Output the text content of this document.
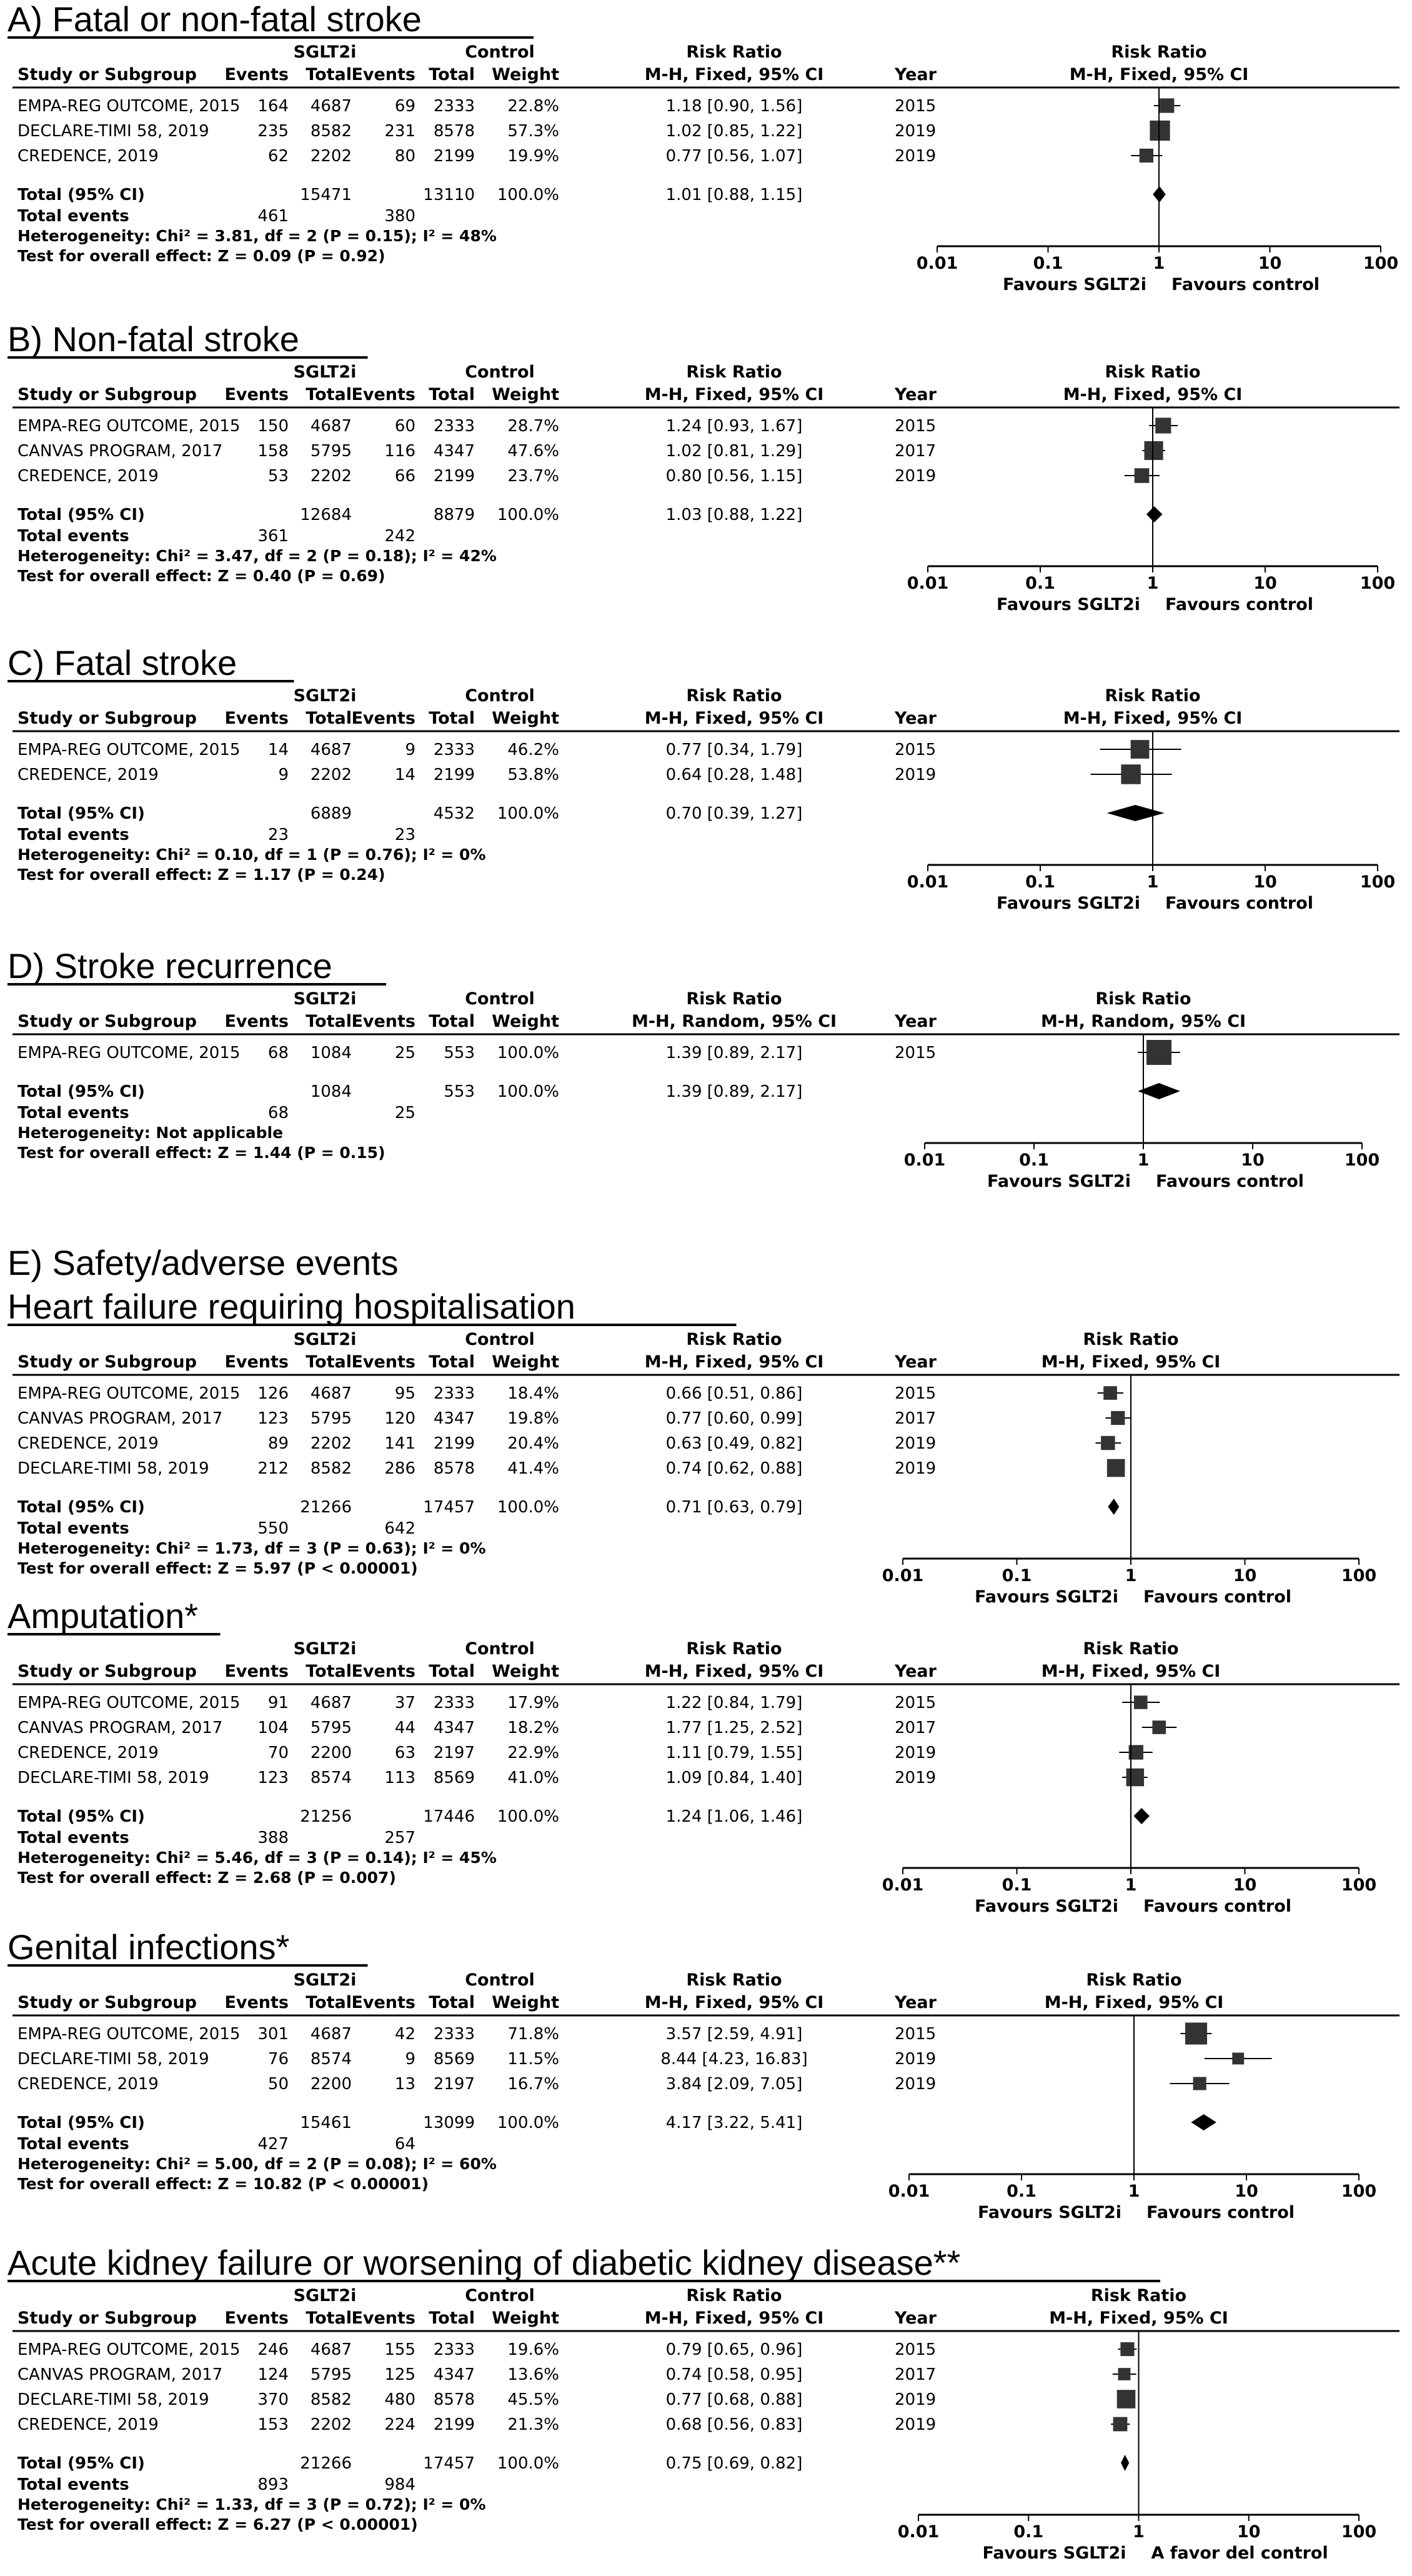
A) Fatal or non-fatal stroke
SGLT2i	Control	Risk Ratio	Risk Ratio
Study or Subgroup Events Total Events Total Weight	M-H, Fixed, 95% CI	Year	M-H, Fixed, 95% CI
EMPA-REG OUTCOME, 2015 164 4687	69 2333 22.8%	1.18 [0.90, 1.56]	2015
DECLARE-TIMI 58, 2019	235 8582 231 8578 57.3%	1.02 [0.85, 1.22]	2019
CREDENCE, 2019	62 2202	80 2199 19.9%	0.77 [0.56, 1.07]	2019
Total (95% CI)	15471	13110 100.0%	1.01 [0.88, 1.15]
Total events	461	380
Heterogeneity: Chi² = 3.81, df = 2 (P = 0.15); I² = 48%
Test for overall effect: Z = 0.09 (P = 0.92)	0.01	0.1	1	10	100
Favours SGLT2i Favours control
B) Non-fatal stroke
SGLT2i	Control	Risk Ratio	Risk Ratio
Study or Subgroup Events Total Events Total Weight	M-H, Fixed, 95% CI	Year	M-H, Fixed, 95% CI
EMPA-REG OUTCOME, 2015 150 4687	60 2333 28.7%	1.24 [0.93, 1.67]	2015
CANVAS PROGRAM, 2017 158 5795 116 4347 47.6%	1.02 [0.81, 1.29]	2017
CREDENCE, 2019	53 2202	66 2199 23.7%	0.80 [0.56, 1.15]	2019
Total (95% CI)	12684	8879 100.0%	1.03 [0.88, 1.22]
Total events	361	242
Heterogeneity: Chi² = 3.47, df = 2 (P = 0.18); I² = 42%
Test for overall effect: Z = 0.40 (P = 0.69)	0.01	0.1	1	10	100
Favours SGLT2i Favours control
C) Fatal stroke
SGLT2i	Control	Risk Ratio	Risk Ratio
Study or Subgroup Events Total Events Total Weight	M-H, Fixed, 95% CI	Year	M-H, Fixed, 95% CI
EMPA-REG OUTCOME, 2015 14 4687	9 2333 46.2%	0.77 [0.34, 1.79]	2015
CREDENCE, 2019	9 2202	14 2199 53.8%	0.64 [0.28, 1.48]	2019
Total (95% CI)	6889	4532 100.0%	0.70 [0.39, 1.27]
Total events	23	23
Heterogeneity: Chi² = 0.10, df = 1 (P = 0.76); I² = 0%
Test for overall effect: Z = 1.17 (P = 0.24)	0.01	0.1	1	10	100
Favours SGLT2i Favours control
D) Stroke recurrence
SGLT2i	Control	Risk Ratio	Risk Ratio
Study or Subgroup Events Total Events Total Weight	M-H, Random, 95% CI	Year	M-H, Random, 95% CI
EMPA-REG OUTCOME, 2015 68 1084	25 553 100.0%	1.39 [0.89, 2.17]	2015
Total (95% CI)	1084	553 100.0%	1.39 [0.89, 2.17]
Total events	68	25
Heterogeneity: Not applicable
Test for overall effect: Z = 1.44 (P = 0.15)	0.01	0.1	1	10	100
Favours SGLT2i Favours control
E) Safety/adverse events
Heart failure requiring hospitalisation
SGLT2i	Control	Risk Ratio	Risk Ratio
Study or Subgroup Events Total Events Total Weight	M-H, Fixed, 95% CI	Year	M-H, Fixed, 95% CI
EMPA-REG OUTCOME, 2015 126 4687	95 2333 18.4%	0.66 [0.51, 0.86]	2015
CANVAS PROGRAM, 2017 123 5795 120 4347 19.8%	0.77 [0.60, 0.99]	2017
CREDENCE, 2019	89 2202 141 2199 20.4%	0.63 [0.49, 0.82]	2019
DECLARE-TIMI 58, 2019	212 8582 286 8578 41.4%	0.74 [0.62, 0.88]	2019
Total (95% CI)	21266	17457 100.0%	0.71 [0.63, 0.79]
Total events	550	642
Heterogeneity: Chi² = 1.73, df = 3 (P = 0.63); I² = 0%
Test for overall effect: Z = 5.97 (P < 0.00001)	0.01	0.1	1	10	100
Favours SGLT2i Favours control
Amputation*
SGLT2i	Control	Risk Ratio	Risk Ratio
Study or Subgroup Events Total Events Total Weight	M-H, Fixed, 95% CI	Year	M-H, Fixed, 95% CI
EMPA-REG OUTCOME, 2015 91 4687	37 2333 17.9%	1.22 [0.84, 1.79]	2015
CANVAS PROGRAM, 2017 104 5795	44 4347 18.2%	1.77 [1.25, 2.52]	2017
CREDENCE, 2019	70 2200	63 2197 22.9%	1.11 [0.79, 1.55]	2019
DECLARE-TIMI 58, 2019	123 8574 113 8569 41.0%	1.09 [0.84, 1.40]	2019
Total (95% CI)	21256	17446 100.0%	1.24 [1.06, 1.46]
Total events	388	257
Heterogeneity: Chi² = 5.46, df = 3 (P = 0.14); I² = 45%
Test for overall effect: Z = 2.68 (P = 0.007)	0.01	0.1	1	10	100
Favours SGLT2i Favours control
Genital infections*
SGLT2i	Control	Risk Ratio	Risk Ratio
Study or Subgroup Events Total Events Total Weight	M-H, Fixed, 95% CI	Year	M-H, Fixed, 95% CI
EMPA-REG OUTCOME, 2015 301 4687	42 2333 71.8%	3.57 [2.59, 4.91]	2015
DECLARE-TIMI 58, 2019	76 8574	9 8569 11.5%	8.44 [4.23, 16.83]	2019
CREDENCE, 2019	50 2200	13 2197 16.7%	3.84 [2.09, 7.05]	2019
Total (95% CI)	15461	13099 100.0%	4.17 [3.22, 5.41]
Total events	427	64
Heterogeneity: Chi² = 5.00, df = 2 (P = 0.08); I² = 60%
Test for overall effect: Z = 10.82 (P < 0.00001)	0.01	0.1	1	10	100
Favours SGLT2i Favours control
Acute kidney failure or worsening of diabetic kidney disease**
SGLT2i	Control	Risk Ratio	Risk Ratio
Study or Subgroup Events Total Events Total Weight	M-H, Fixed, 95% CI	Year	M-H, Fixed, 95% CI
EMPA-REG OUTCOME, 2015 246 4687 155 2333 19.6%	0.79 [0.65, 0.96]	2015
CANVAS PROGRAM, 2017 124 5795 125 4347 13.6%	0.74 [0.58, 0.95]	2017
DECLARE-TIMI 58, 2019	370 8582 480 8578 45.5%	0.77 [0.68, 0.88]	2019
CREDENCE, 2019	153 2202 224 2199 21.3%	0.68 [0.56, 0.83]	2019
Total (95% CI)	21266	17457 100.0%	0.75 [0.69, 0.82]
Total events	893	984
Heterogeneity: Chi² = 1.33, df = 3 (P = 0.72); I² = 0%
Test for overall effect: Z = 6.27 (P < 0.00001)	0.01	0.1	1	10	100
Favours SGLT2i A favor del control
